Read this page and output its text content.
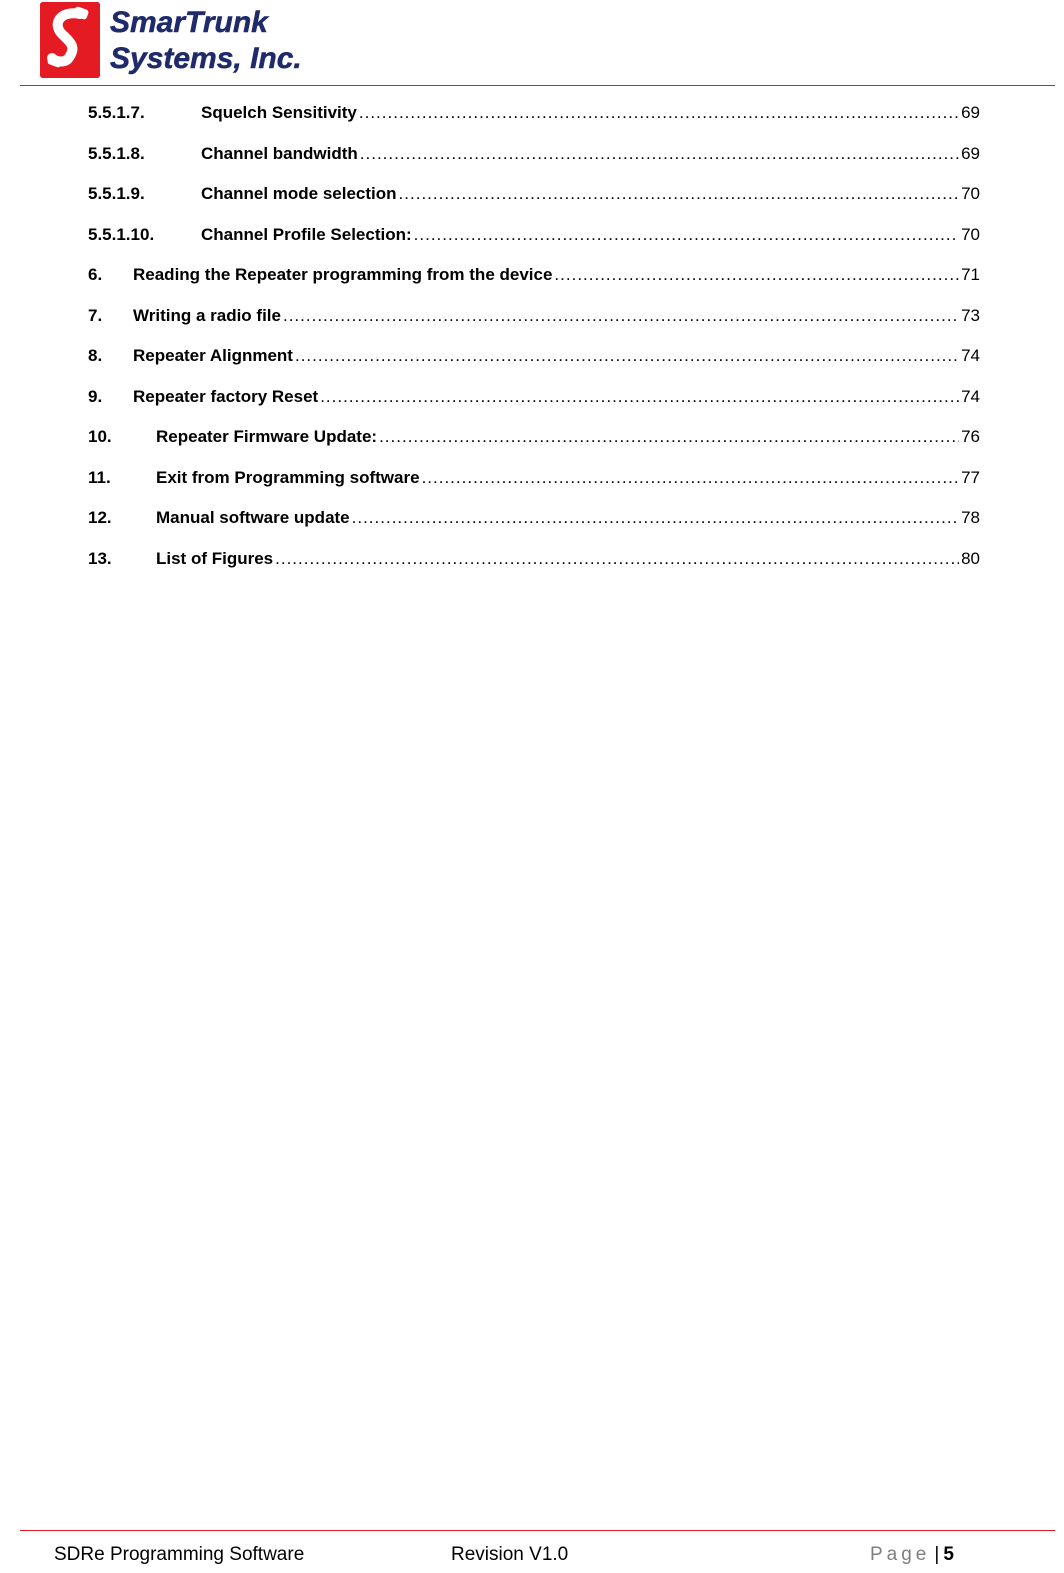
SmarTrunk
Systems, Inc.
5.5.1.7.	Squelch Sensitivity .....	69
5.5.1.8.	Channel bandwidth .....	69
5.5.1.9.	Channel mode selection .....	70
5.5.1.10.	Channel Profile Selection: .....	70
6.	Reading the Repeater programming from the device .....	71
7.	Writing a radio file .....	73
8.	Repeater Alignment .....	74
9.	Repeater factory Reset .....	74
10.	Repeater Firmware Update: .....	76
11.	Exit from Programming software .....	77
12.	Manual software update .....	78
13.	List of Figures .....	80
SDRe Programming Software	Revision V1.0	Page | 5
